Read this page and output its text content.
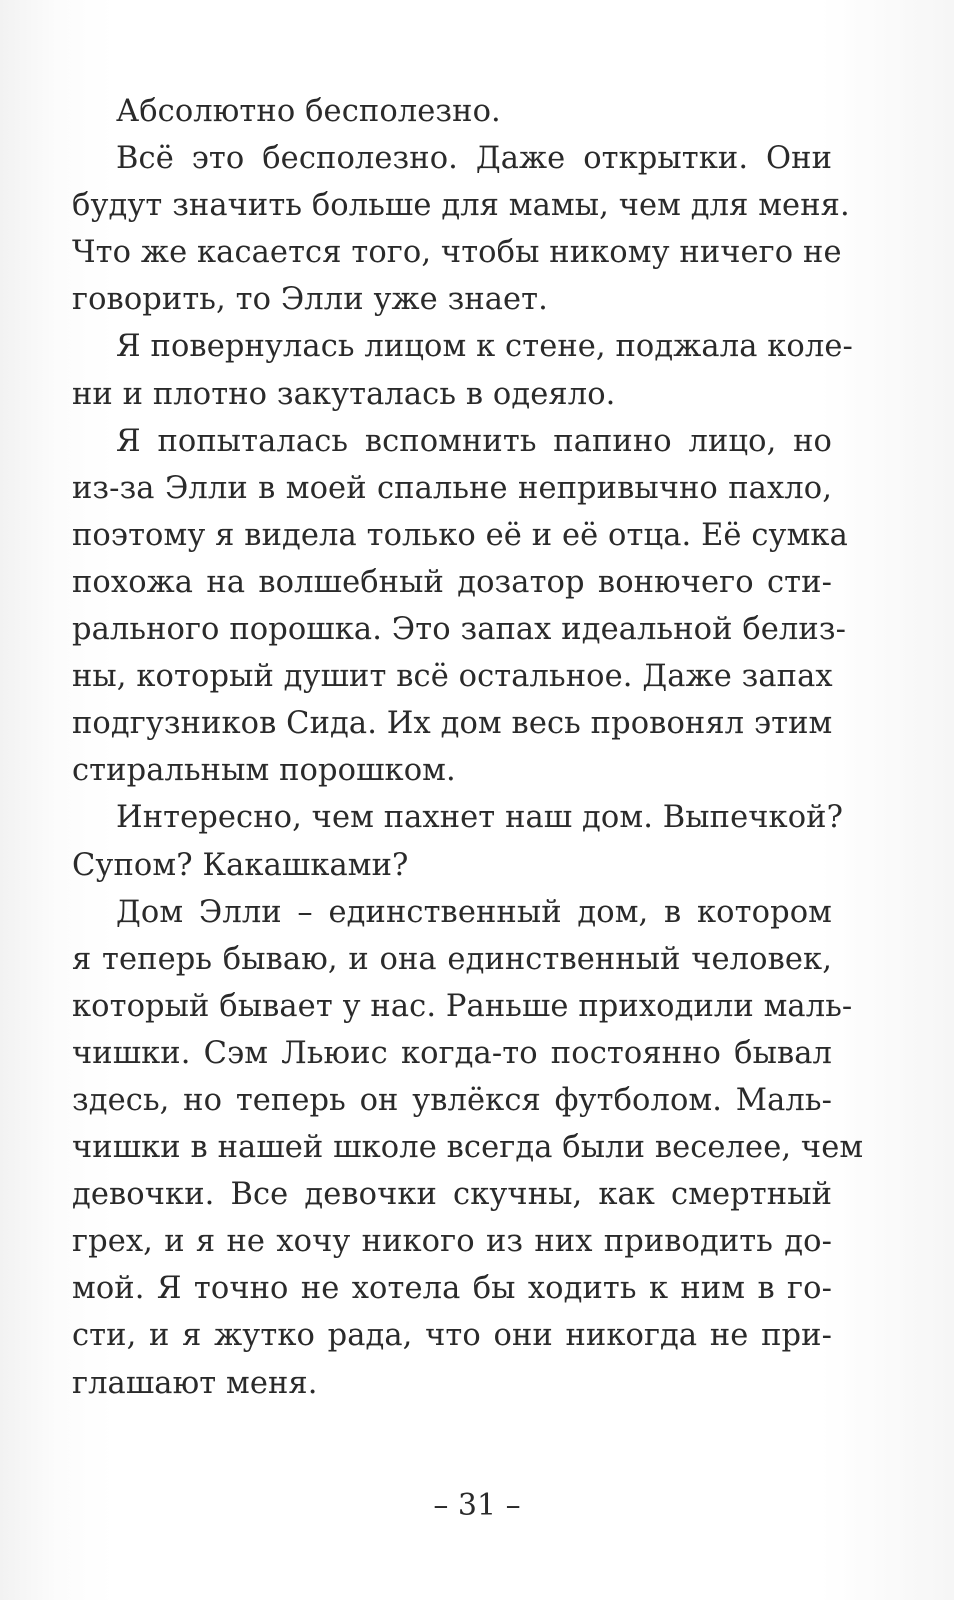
Абсолютно бесполезно.
Всё это бесполезно. Даже открытки. Они
будут значить больше для мамы, чем для меня.
Что же касается того, чтобы никому ничего не
говорить, то Элли уже знает.
Я повернулась лицом к стене, поджала коле-
ни и плотно закуталась в одеяло.
Я попыталась вспомнить папино лицо, но
из-за Элли в моей спальне непривычно пахло,
поэтому я видела только её и её отца. Её сумка
похожа на волшебный дозатор вонючего сти-
рального порошка. Это запах идеальной белиз-
ны, который душит всё остальное. Даже запах
подгузников Сида. Их дом весь провонял этим
стиральным порошком.
Интересно, чем пахнет наш дом. Выпечкой?
Супом? Какашками?
Дом Элли – единственный дом, в котором
я теперь бываю, и она единственный человек,
который бывает у нас. Раньше приходили маль-
чишки. Сэм Льюис когда-то постоянно бывал
здесь, но теперь он увлёкся футболом. Маль-
чишки в нашей школе всегда были веселее, чем
девочки. Все девочки скучны, как смертный
грех, и я не хочу никого из них приводить до-
мой. Я точно не хотела бы ходить к ним в го-
сти, и я жутко рада, что они никогда не при-
глашают меня.
– 31 –
